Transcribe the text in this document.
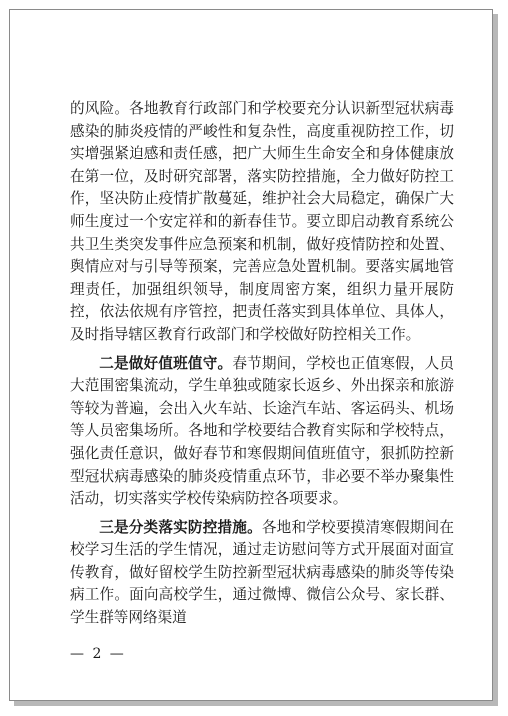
的风险。各地教育行政部门和学校要充分认识新型冠状病毒感染的肺炎疫情的严峻性和复杂性，高度重视防控工作，切实增强紧迫感和责任感，把广大师生生命安全和身体健康放在第一位，及时研究部署，落实防控措施，全力做好防控工作，坚决防止疫情扩散蔓延，维护社会大局稳定，确保广大师生度过一个安定祥和的新春佳节。要立即启动教育系统公共卫生类突发事件应急预案和机制，做好疫情防控和处置、舆情应对与引导等预案，完善应急处置机制。要落实属地管理责任，加强组织领导，制度周密方案，组织力量开展防控，依法依规有序管控，把责任落实到具体单位、具体人，及时指导辖区教育行政部门和学校做好防控相关工作。

二是做好值班值守。春节期间，学校也正值寒假，人员大范围密集流动，学生单独或随家长返乡、外出探亲和旅游等较为普遍，会出入火车站、长途汽车站、客运码头、机场等人员密集场所。各地和学校要结合教育实际和学校特点，强化责任意识，做好春节和寒假期间值班值守，狠抓防控新型冠状病毒感染的肺炎疫情重点环节，非必要不举办聚集性活动，切实落实学校传染病防控各项要求。

三是分类落实防控措施。各地和学校要摸清寒假期间在校学习生活的学生情况，通过走访慰问等方式开展面对面宣传教育，做好留校学生防控新型冠状病毒感染的肺炎等传染病工作。面向高校学生，通过微博、微信公众号、家长群、学生群等网络渠道

— 2 —
